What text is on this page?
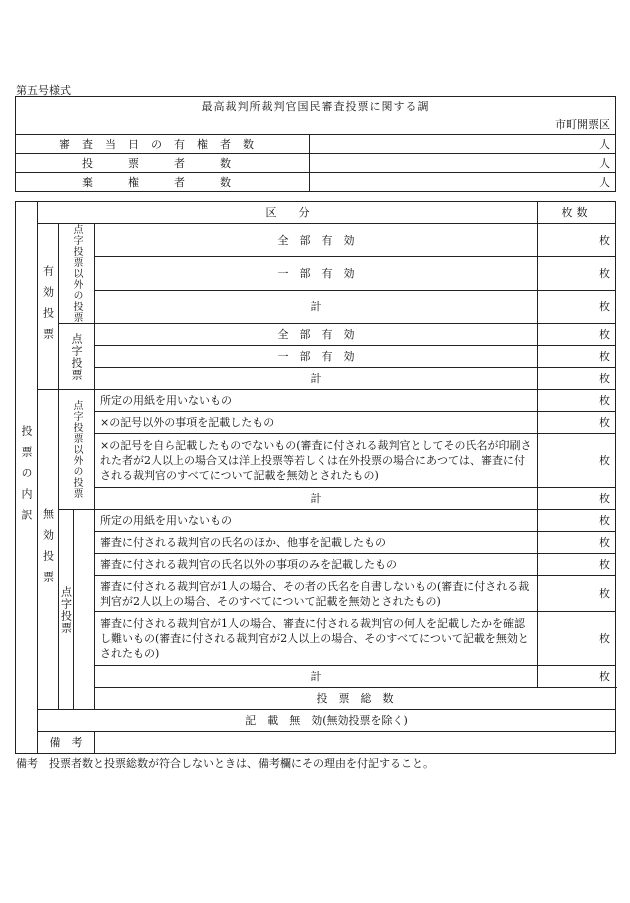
第五号様式
最高裁判所裁判官国民審査投票に関する調							
市町開票区							
審査当日の有権者数					人		
投　票　者　数					人		
棄　権　者　数					人		

投票の内訳	区　　分					枚数	
	有効投票	点字投票以外の投票		全　部　有　効		枚	
				一　部　有　効		枚	
				計		枚	
		点字投票		全　部　有　効		枚	
				一　部　有　効		枚	
				計		枚	
	無効投票	点字投票以外の投票		所定の用紙を用いないもの		枚	
				×の記号以外の事項を記載したもの		枚	
				×の記号を自ら記載したものでないもの(審査に付される裁判官としてその氏名が印刷された者が2人以上の場合又は洋上投票等若しくは在外投票の場合にあつては、審査に付される裁判官のすべてについて記載を無効とされたもの)		枚	
				計		枚	
		点字投票		所定の用紙を用いないもの		枚	
				審査に付される裁判官の氏名のほか、他事を記載したもの		枚	
				審査に付される裁判官の氏名以外の事項のみを記載したもの		枚	
				審査に付される裁判官が1人の場合、その者の氏名を自書しないもの(審査に付される裁判官が2人以上の場合、そのすべてについて記載を無効とされたもの)		枚	
				審査に付される裁判官が1人の場合、審査に付される裁判官の何人を記載したかを確認し難いもの(審査に付される裁判官が2人以上の場合、そのすべてについて記載を無効とされたもの)		枚	
				計		枚	
				投　票　総　数	
	記　載　無　効(無効投票を除く)	
	備　考						
備考　投票者数と投票総数が符合しないときは、備考欄にその理由を付記すること。
